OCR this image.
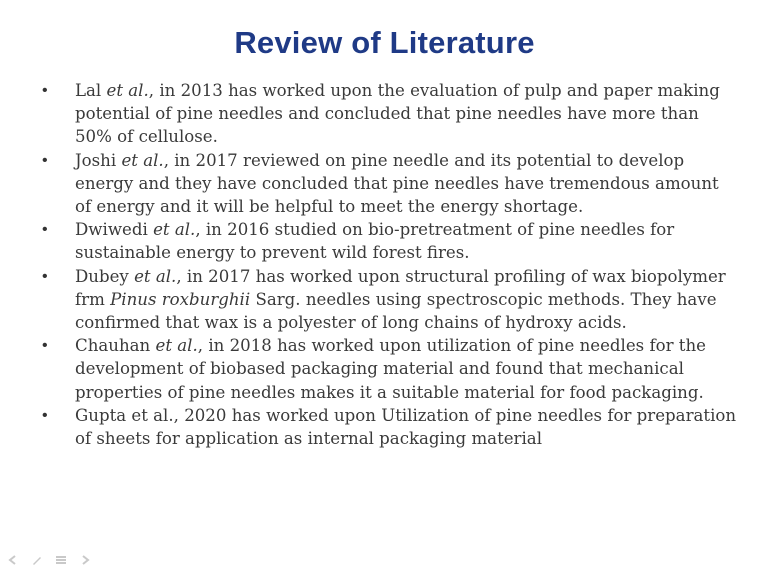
Review of Literature
• Lal et al., in 2013 has worked upon the evaluation of pulp and paper making potential of pine needles and concluded that pine needles have more than 50% of cellulose.
• Joshi et al., in 2017 reviewed on pine needle and its potential to develop energy and they have concluded that pine needles have tremendous amount of energy and it will be helpful to meet the energy shortage.
• Dwiwedi et al., in 2016 studied on bio-pretreatment of pine needles for sustainable energy to prevent wild forest fires.
• Dubey et al., in 2017 has worked upon structural profiling of wax biopolymer frm Pinus roxburghii Sarg. needles using spectroscopic methods. They have confirmed that wax is a polyester of long chains of hydroxy acids.
• Chauhan et al., in 2018 has worked upon utilization of pine needles for the development of biobased packaging material and found that mechanical properties of pine needles makes it a suitable material for food packaging.
• Gupta et al., 2020 has worked upon Utilization of pine needles for preparation of sheets for application as internal packaging material
